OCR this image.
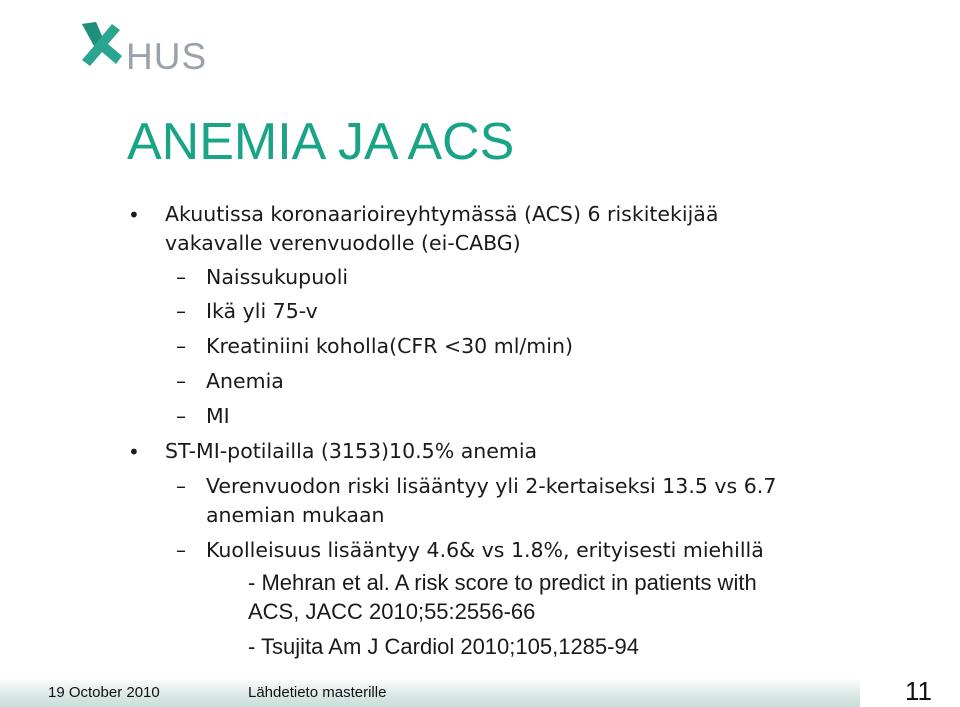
HUS
ANEMIA JA ACS
• Akuutissa koronaarioireyhtymässä (ACS) 6 riskitekijää
vakavalle verenvuodolle (ei-CABG)
– Naissukupuoli
– Ikä yli 75-v
– Kreatiniini koholla(CFR <30 ml/min)
– Anemia
– MI
• ST-MI-potilailla (3153)10.5% anemia
– Verenvuodon riski lisääntyy yli 2-kertaiseksi 13.5 vs 6.7
anemian mukaan
– Kuolleisuus lisääntyy 4.6& vs 1.8%, erityisesti miehillä
- Mehran et al. A risk score to predict in patients with
ACS, JACC 2010;55:2556-66
- Tsujita Am J Cardiol 2010;105,1285-94
19 October 2010	Lähdetieto masterille	11
